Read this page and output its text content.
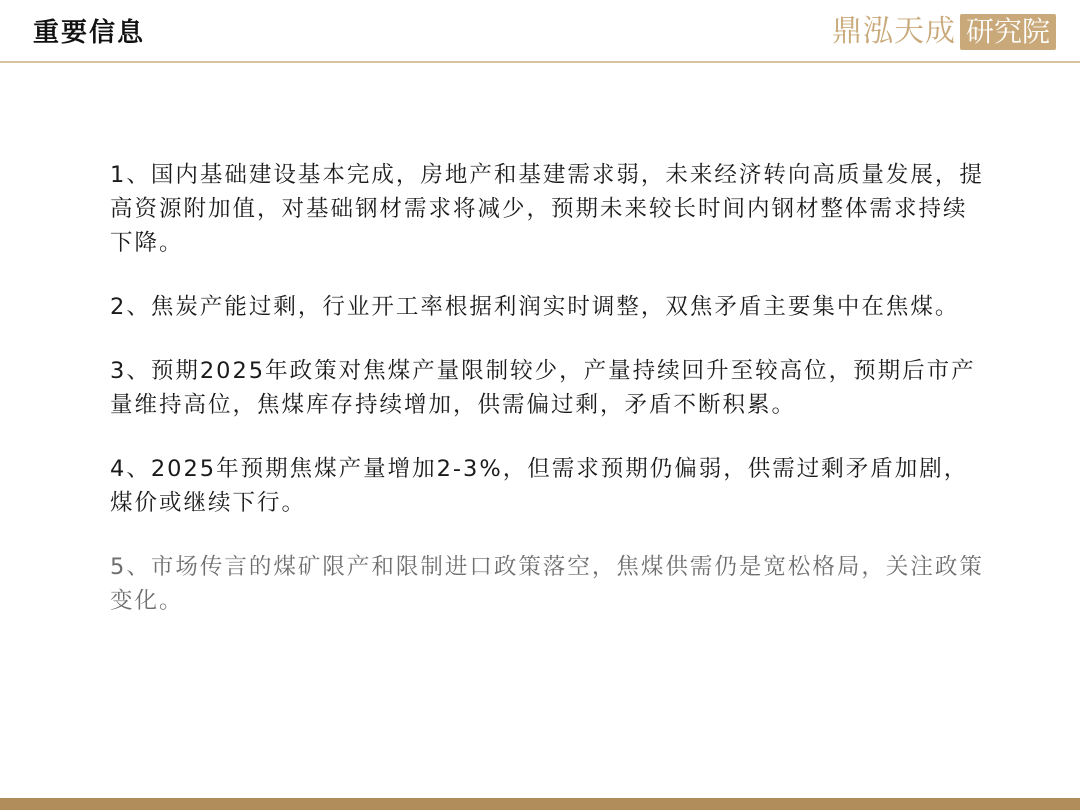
重要信息	鼎泓天成 研究院

1、国内基础建设基本完成，房地产和基建需求弱，未来经济转向高质量发展，提高资源附加值，对基础钢材需求将减少，预期未来较长时间内钢材整体需求持续下降。

2、焦炭产能过剩，行业开工率根据利润实时调整，双焦矛盾主要集中在焦煤。

3、预期2025年政策对焦煤产量限制较少，产量持续回升至较高位，预期后市产量维持高位，焦煤库存持续增加，供需偏过剩，矛盾不断积累。

4、2025年预期焦煤产量增加2-3%，但需求预期仍偏弱，供需过剩矛盾加剧，煤价或继续下行。

5、市场传言的煤矿限产和限制进口政策落空，焦煤供需仍是宽松格局，关注政策变化。
